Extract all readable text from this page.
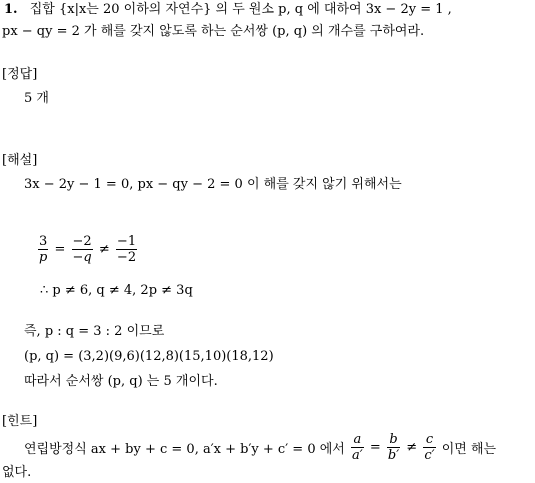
1. 집합 {x|x는 20 이하의 자연수} 의 두 원소 p, q 에 대하여 3x − 2y = 1 ,
px − qy = 2 가 해를 갖지 않도록 하는 순서쌍 (p, q) 의 개수를 구하여라.
[정답]
5 개
[해설]
3x − 2y − 1 = 0, px − qy − 2 = 0 이 해를 갖지 않기 위해서는
$\frac{3}{p} = \frac{-2}{-q} \ne \frac{-1}{-2}$
∴ p ≠ 6, q ≠ 4, 2p ≠ 3q
즉, p : q = 3 : 2 이므로
(p, q) = (3,2)(9,6)(12,8)(15,10)(18,12)
따라서 순서쌍 (p, q) 는 5 개이다.
[힌트]
연립방정식 ax + by + c = 0, a′x + b′y + c′ = 0 에서 $\frac{a}{a'} = \frac{b}{b'} \ne \frac{c}{c'}$ 이면 해는
없다.
